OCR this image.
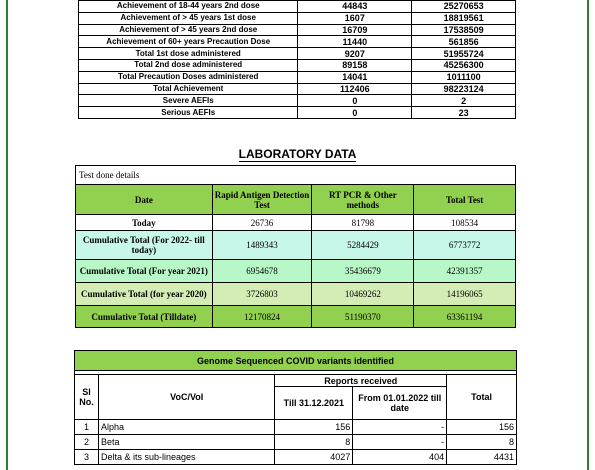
Achievement of 18-44 years 2nd dose	44843	25270653
Achievement of > 45 years 1st dose	1607	18819561
Achievement of > 45 years 2nd dose	16709	17538509
Achievement of 60+ years Precaution Dose	11440	561856
Total 1st dose administered	9207	51955724
Total 2nd dose administered	89158	45256300
Total Precaution Doses administered	14041	1011100
Total Achievement	112406	98223124
Severe AEFIs	0	2
Serious AEFIs	0	23
LABORATORY DATA
Test done details			
Date	Rapid Antigen Detection Test	RT PCR & Other methods	Total Test
Today	26736	81798	108534
Cumulative Total (For 2022- till today)	1489343	5284429	6773772
Cumulative Total (For year 2021)	6954678	35436679	42391357
Cumulative Total (for year 2020)	3726803	10469262	14196065
Cumulative Total (Tilldate)	12170824	51190370	63361194
Genome Sequenced COVID variants identified				

Sl No.	VoC/VoI	Reports received		Total
		Till 31.12.2021	From 01.01.2022 till date	
1	Alpha	156	-	156
2	Beta	8	-	8
3	Delta & its sub-lineages	4027	404	4431
